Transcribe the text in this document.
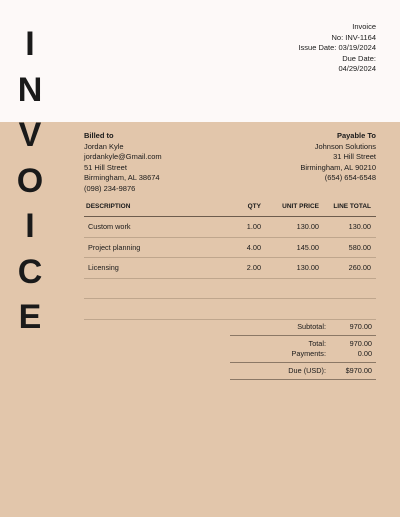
I
N
V
O
I
C
E
Invoice
No: INV-1164
Issue Date: 03/19/2024
Due Date:
04/29/2024
Billed to
Jordan Kyle
jordankyle@Gmail.com
51 Hill Street
Birmingham, AL 38674
(098) 234-9876
Payable To
Johnson Solutions
31 Hill Street
Birmingham, AL 90210
(654) 654-6548
DESCRIPTION	QTY	UNIT PRICE	LINE TOTAL
Custom work	1.00	130.00	130.00
Project planning	4.00	145.00	580.00
Licensing	2.00	130.00	260.00
Subtotal:	970.00
Total:	970.00
Payments:	0.00
Due (USD):	$970.00
